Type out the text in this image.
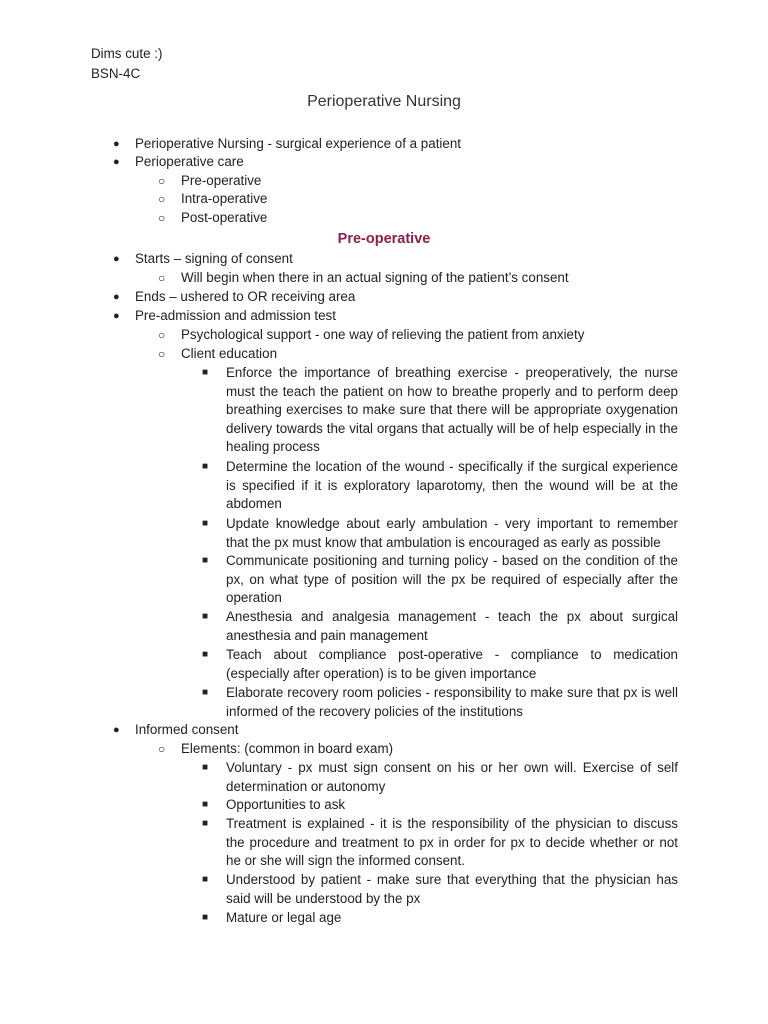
Dims cute :)
BSN-4C
Perioperative Nursing
● Perioperative Nursing - surgical experience of a patient
● Perioperative care
○ Pre-operative
○ Intra-operative
○ Post-operative
Pre-operative
● Starts – signing of consent
○ Will begin when there in an actual signing of the patient’s consent
● Ends – ushered to OR receiving area
● Pre-admission and admission test
○ Psychological support - one way of relieving the patient from anxiety
○ Client education
■ Enforce the importance of breathing exercise - preoperatively, the nurse must the teach the patient on how to breathe properly and to perform deep breathing exercises to make sure that there will be appropriate oxygenation delivery towards the vital organs that actually will be of help especially in the healing process
■ Determine the location of the wound - specifically if the surgical experience is specified if it is exploratory laparotomy, then the wound will be at the abdomen
■ Update knowledge about early ambulation - very important to remember that the px must know that ambulation is encouraged as early as possible
■ Communicate positioning and turning policy - based on the condition of the px, on what type of position will the px be required of especially after the operation
■ Anesthesia and analgesia management - teach the px about surgical anesthesia and pain management
■ Teach about compliance post-operative - compliance to medication (especially after operation) is to be given importance
■ Elaborate recovery room policies - responsibility to make sure that px is well informed of the recovery policies of the institutions
● Informed consent
○ Elements: (common in board exam)
■ Voluntary - px must sign consent on his or her own will. Exercise of self determination or autonomy
■ Opportunities to ask
■ Treatment is explained - it is the responsibility of the physician to discuss the procedure and treatment to px in order for px to decide whether or not he or she will sign the informed consent.
■ Understood by patient - make sure that everything that the physician has said will be understood by the px
■ Mature or legal age
